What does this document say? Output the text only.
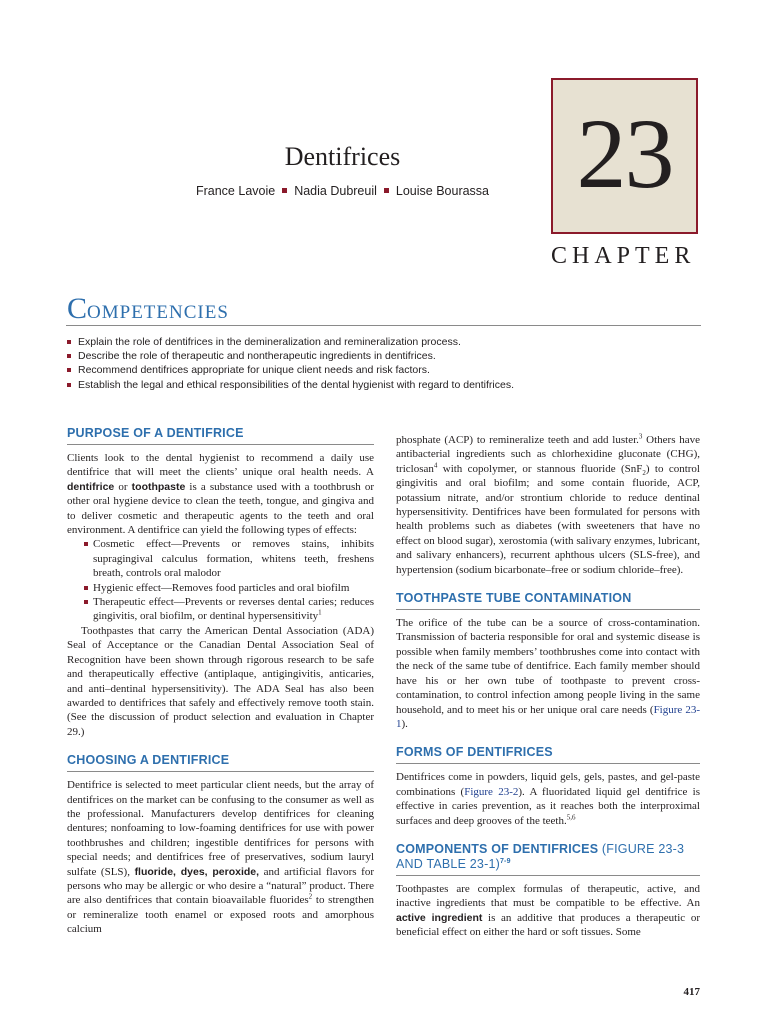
23
CHAPTER
Dentifrices
France Lavoie Nadia Dubreuil Louise Bourassa
COMPETENCIES
Explain the role of dentifrices in the demineralization and remineralization process.
Describe the role of therapeutic and nontherapeutic ingredients in dentifrices.
Recommend dentifrices appropriate for unique client needs and risk factors.
Establish the legal and ethical responsibilities of the dental hygienist with regard to dentifrices.
PURPOSE OF A DENTIFRICE

Clients look to the dental hygienist to recommend a daily use dentifrice that will meet the clients’ unique oral health needs. A dentifrice or toothpaste is a substance used with a toothbrush or other oral hygiene device to clean the teeth, tongue, and gingiva and to deliver cosmetic and therapeutic agents to the teeth and oral environment. A dentifrice can yield the following types of effects:

Cosmetic effect—Prevents or removes stains, inhibits supragingival calculus formation, whitens teeth, freshens breath, controls oral malodor
Hygienic effect—Removes food particles and oral biofilm
Therapeutic effect—Prevents or reverses dental caries; reduces gingivitis, oral biofilm, or dentinal hypersensitivity$^1$

Toothpastes that carry the American Dental Association (ADA) Seal of Acceptance or the Canadian Dental Association Seal of Recognition have been shown through rigorous research to be safe and therapeutically effective (antiplaque, antigingivitis, anticaries, and anti–dentinal hypersensitivity). The ADA Seal has also been awarded to dentifrices that safely and effectively remove tooth stain. (See the discussion of product selection and evaluation in Chapter 29.)

CHOOSING A DENTIFRICE

Dentifrice is selected to meet particular client needs, but the array of dentifrices on the market can be confusing to the consumer as well as the professional. Manufacturers develop dentifrices for cleaning dentures; nonfoaming to low-foaming dentifrices for use with power toothbrushes and children; ingestible dentifrices for persons with special needs; and dentifrices free of preservatives, sodium lauryl sulfate (SLS), fluoride, dyes, peroxide, and artificial flavors for persons who may be allergic or who desire a “natural” product. There are also dentifrices that contain bioavailable fluorides$^2$ to strengthen or remineralize tooth enamel or exposed roots and amorphous calcium

phosphate (ACP) to remineralize teeth and add luster.$^3$ Others have antibacterial ingredients such as chlorhexidine gluconate (CHG), triclosan$^4$ with copolymer, or stannous fluoride (SnF$_2$) to control gingivitis and oral biofilm; and some contain fluoride, ACP, potassium nitrate, and/or strontium chloride to reduce dentinal hypersensitivity. Dentifrices have been formulated for persons with health problems such as diabetes (with sweeteners that have no effect on blood sugar), xerostomia (with salivary enzymes, lubricant, and salivary enhancers), recurrent aphthous ulcers (SLS-free), and hypertension (sodium bicarbonate–free or sodium chloride–free).

TOOTHPASTE TUBE CONTAMINATION

The orifice of the tube can be a source of cross-contamination. Transmission of bacteria responsible for oral and systemic disease is possible when family members’ toothbrushes come into contact with the neck of the same tube of dentifrice. Each family member should have his or her own tube of toothpaste to prevent cross-contamination, to control infection among people living in the same household, and to meet his or her unique oral care needs (Figure 23-1).

FORMS OF DENTIFRICES

Dentifrices come in powders, liquid gels, gels, pastes, and gel-paste combinations (Figure 23-2). A fluoridated liquid gel dentifrice is effective in caries prevention, as it reaches both the interproximal surfaces and deep grooves of the teeth.$^{5,6}$

COMPONENTS OF DENTIFRICES (FIGURE 23-3 AND TABLE 23-1)$^{7-9}$

Toothpastes are complex formulas of therapeutic, active, and inactive ingredients that must be compatible to be effective. An active ingredient is an additive that produces a therapeutic or beneficial effect on either the hard or soft tissues. Some

417
